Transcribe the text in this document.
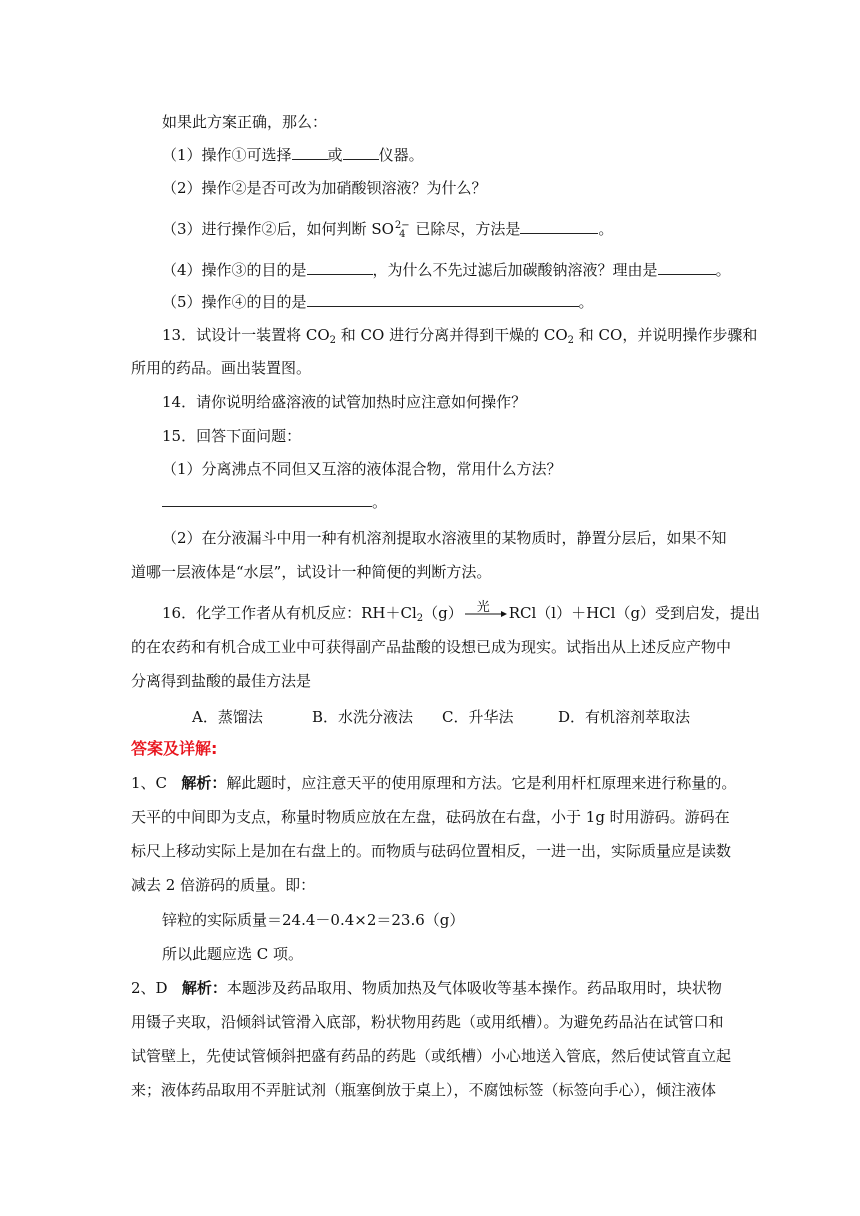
如果此方案正确，那么：
（1）操作①可选择 或 仪器。
（2）操作②是否可改为加硝酸钡溶液？为什么？
（3）进行操作②后，如何判断 SO 2−
4 已除尽，方法是	。
（4）操作③的目的是	，为什么不先过滤后加碳酸钠溶液？理由是	。
（5）操作④的目的是	。
13．试设计一装置将 $CO_2$ 和 CO 进行分离并得到干燥的 $CO_2$ 和 CO，并说明操作步骤和
所用的药品。画出装置图。
14．请你说明给盛溶液的试管加热时应注意如何操作？
15．回答下面问题：
（1）分离沸点不同但又互溶的液体混合物，常用什么方法？
。
（2）在分液漏斗中用一种有机溶剂提取水溶液里的某物质时，静置分层后，如果不知
道哪一层液体是“水层”，试设计一种简便的判断方法。
16．化学工作者从有机反应：$RH+Cl_2(g)$ 光 RCl（l）＋HCl（g）受到启发，提出
的在农药和有机合成工业中可获得副产品盐酸的设想已成为现实。试指出从上述反应产物中
分离得到盐酸的最佳方法是
A．蒸馏法	B．水洗分液法 C．升华法	D．有机溶剂萃取法
答案及详解:
1、C 解析：解此题时，应注意天平的使用原理和方法。它是利用杆杠原理来进行称量的。
天平的中间即为支点，称量时物质应放在左盘，砝码放在右盘，小于 1g 时用游码。游码在
标尺上移动实际上是加在右盘上的。而物质与砝码位置相反，一进一出，实际质量应是读数
减去 2 倍游码的质量。即：
锌粒的实际质量＝24.4－0.4×2＝23.6（g）
所以此题应选 C 项。
2、D 解析：本题涉及药品取用、物质加热及气体吸收等基本操作。药品取用时，块状物
用镊子夹取，沿倾斜试管滑入底部，粉状物用药匙（或用纸槽）。为避免药品沾在试管口和
试管壁上，先使试管倾斜把盛有药品的药匙（或纸槽）小心地送入管底，然后使试管直立起
来；液体药品取用不弄脏试剂（瓶塞倒放于桌上），不腐蚀标签（标签向手心），倾注液体
